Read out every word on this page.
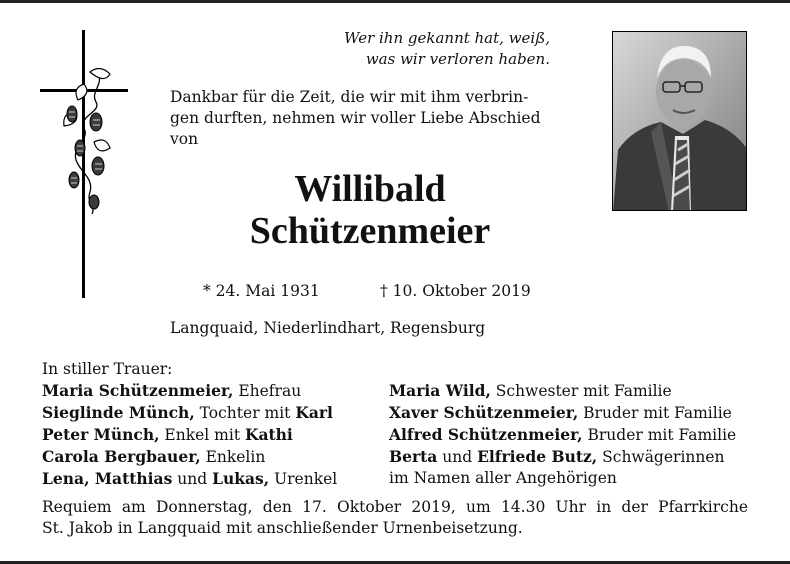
Wer ihn gekannt hat, weiß,
was wir verloren haben.
Dankbar für die Zeit, die wir mit ihm verbrin-
gen durften, nehmen wir voller Liebe Abschied
von
Willibald
Schützenmeier
* 24. Mai 1931	† 10. Oktober 2019
Langquaid, Niederlindhart, Regensburg
In stiller Trauer:
Maria Schützenmeier, Ehefrau
Sieglinde Münch, Tochter mit Karl
Peter Münch, Enkel mit Kathi
Carola Bergbauer, Enkelin
Lena, Matthias und Lukas, Urenkel
Maria Wild, Schwester mit Familie
Xaver Schützenmeier, Bruder mit Familie
Alfred Schützenmeier, Bruder mit Familie
Berta und Elfriede Butz, Schwägerinnen
im Namen aller Angehörigen
Requiem am Donnerstag, den 17. Oktober 2019, um 14.30 Uhr in der Pfarrkirche
St. Jakob in Langquaid mit anschließender Urnenbeisetzung.
